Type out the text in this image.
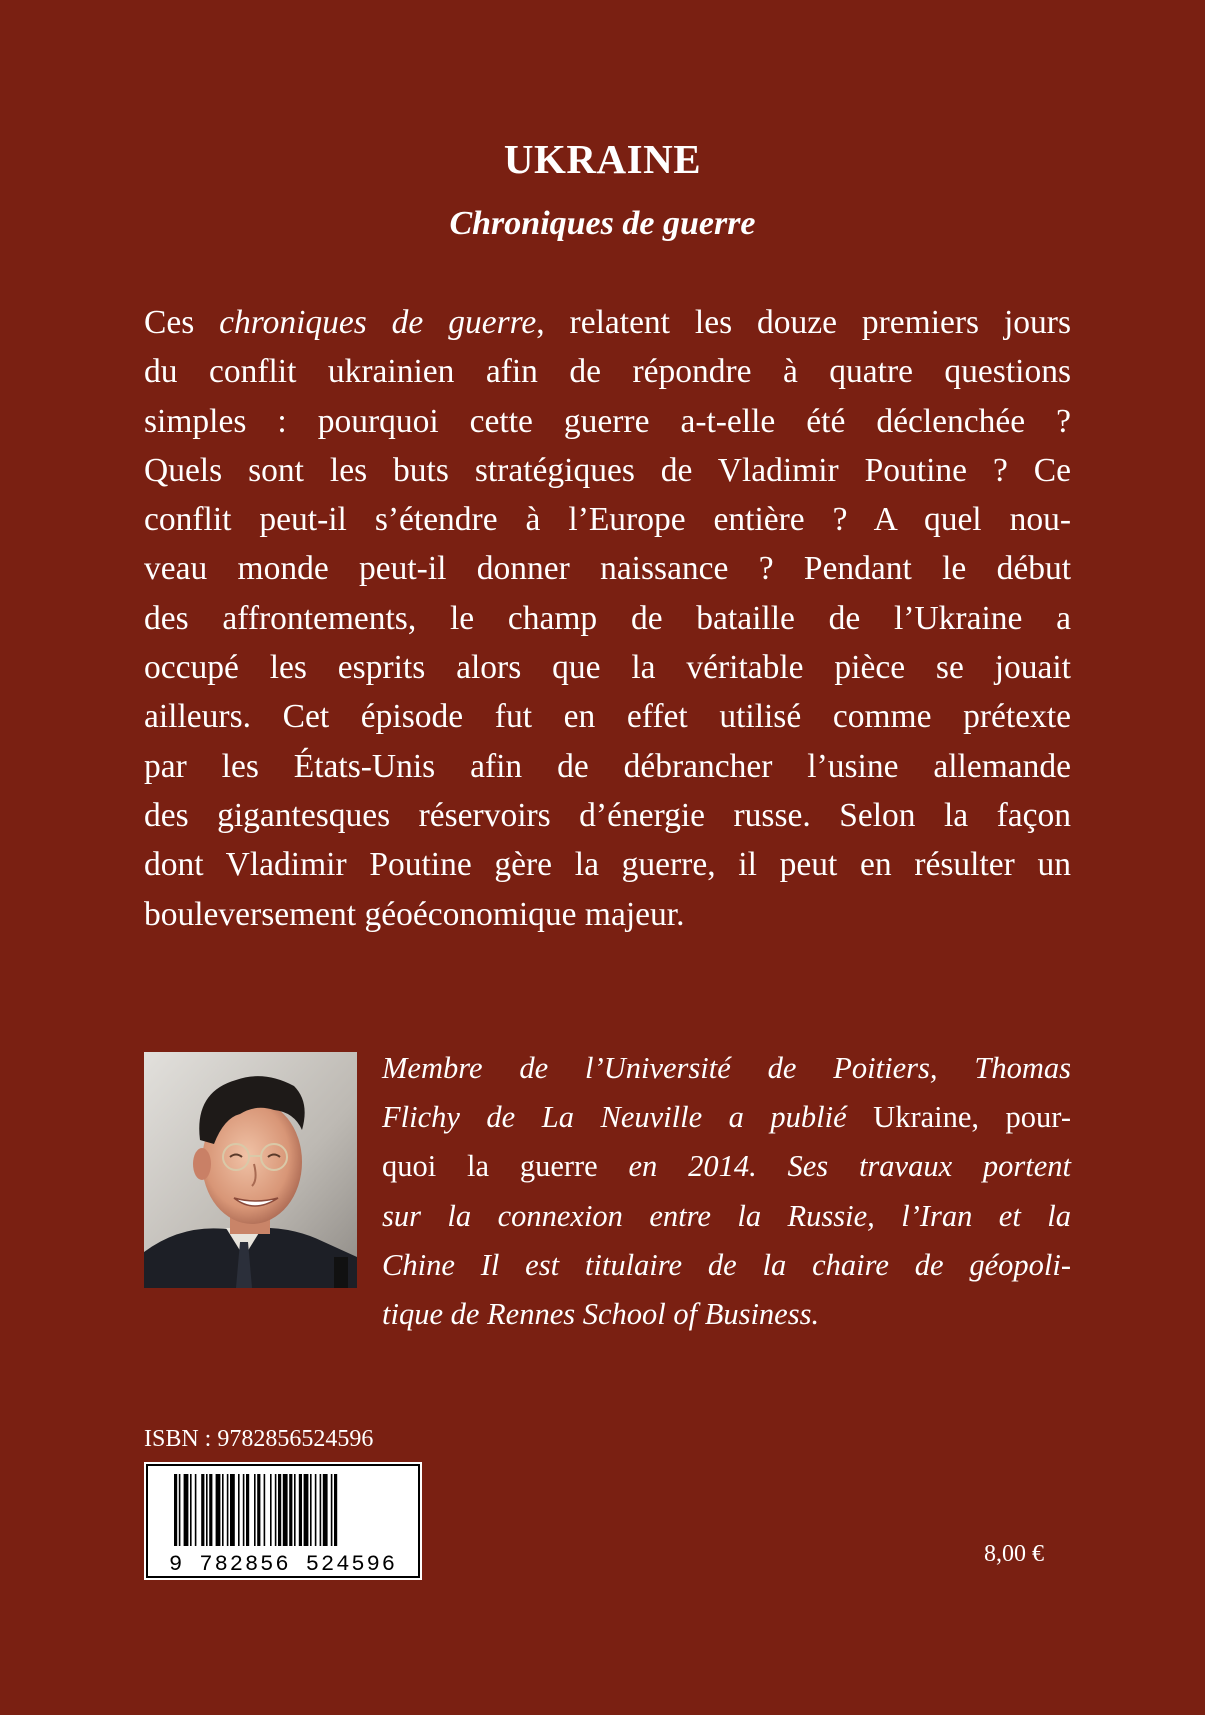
UKRAINE
Chroniques de guerre
Ces chroniques de guerre, relatent les douze premiers jours
du conflit ukrainien afin de répondre à quatre questions
simples : pourquoi cette guerre a-t-elle été déclenchée ?
Quels sont les buts stratégiques de Vladimir Poutine ? Ce
conflit peut-il s’étendre à l’Europe entière ? A quel nou-
veau monde peut-il donner naissance ? Pendant le début
des affrontements, le champ de bataille de l’Ukraine a
occupé les esprits alors que la véritable pièce se jouait
ailleurs. Cet épisode fut en effet utilisé comme prétexte
par les États-Unis afin de débrancher l’usine allemande
des gigantesques réservoirs d’énergie russe. Selon la façon
dont Vladimir Poutine gère la guerre, il peut en résulter un
bouleversement géoéconomique majeur.
Membre de l’Université de Poitiers, Thomas
Flichy de La Neuville a publié Ukraine, pour-
quoi la guerre en 2014. Ses travaux portent
sur la connexion entre la Russie, l’Iran et la
Chine Il est titulaire de la chaire de géopoli-
tique de Rennes School of Business.
ISBN : 9782856524596
9 782856 524596	8,00 €
